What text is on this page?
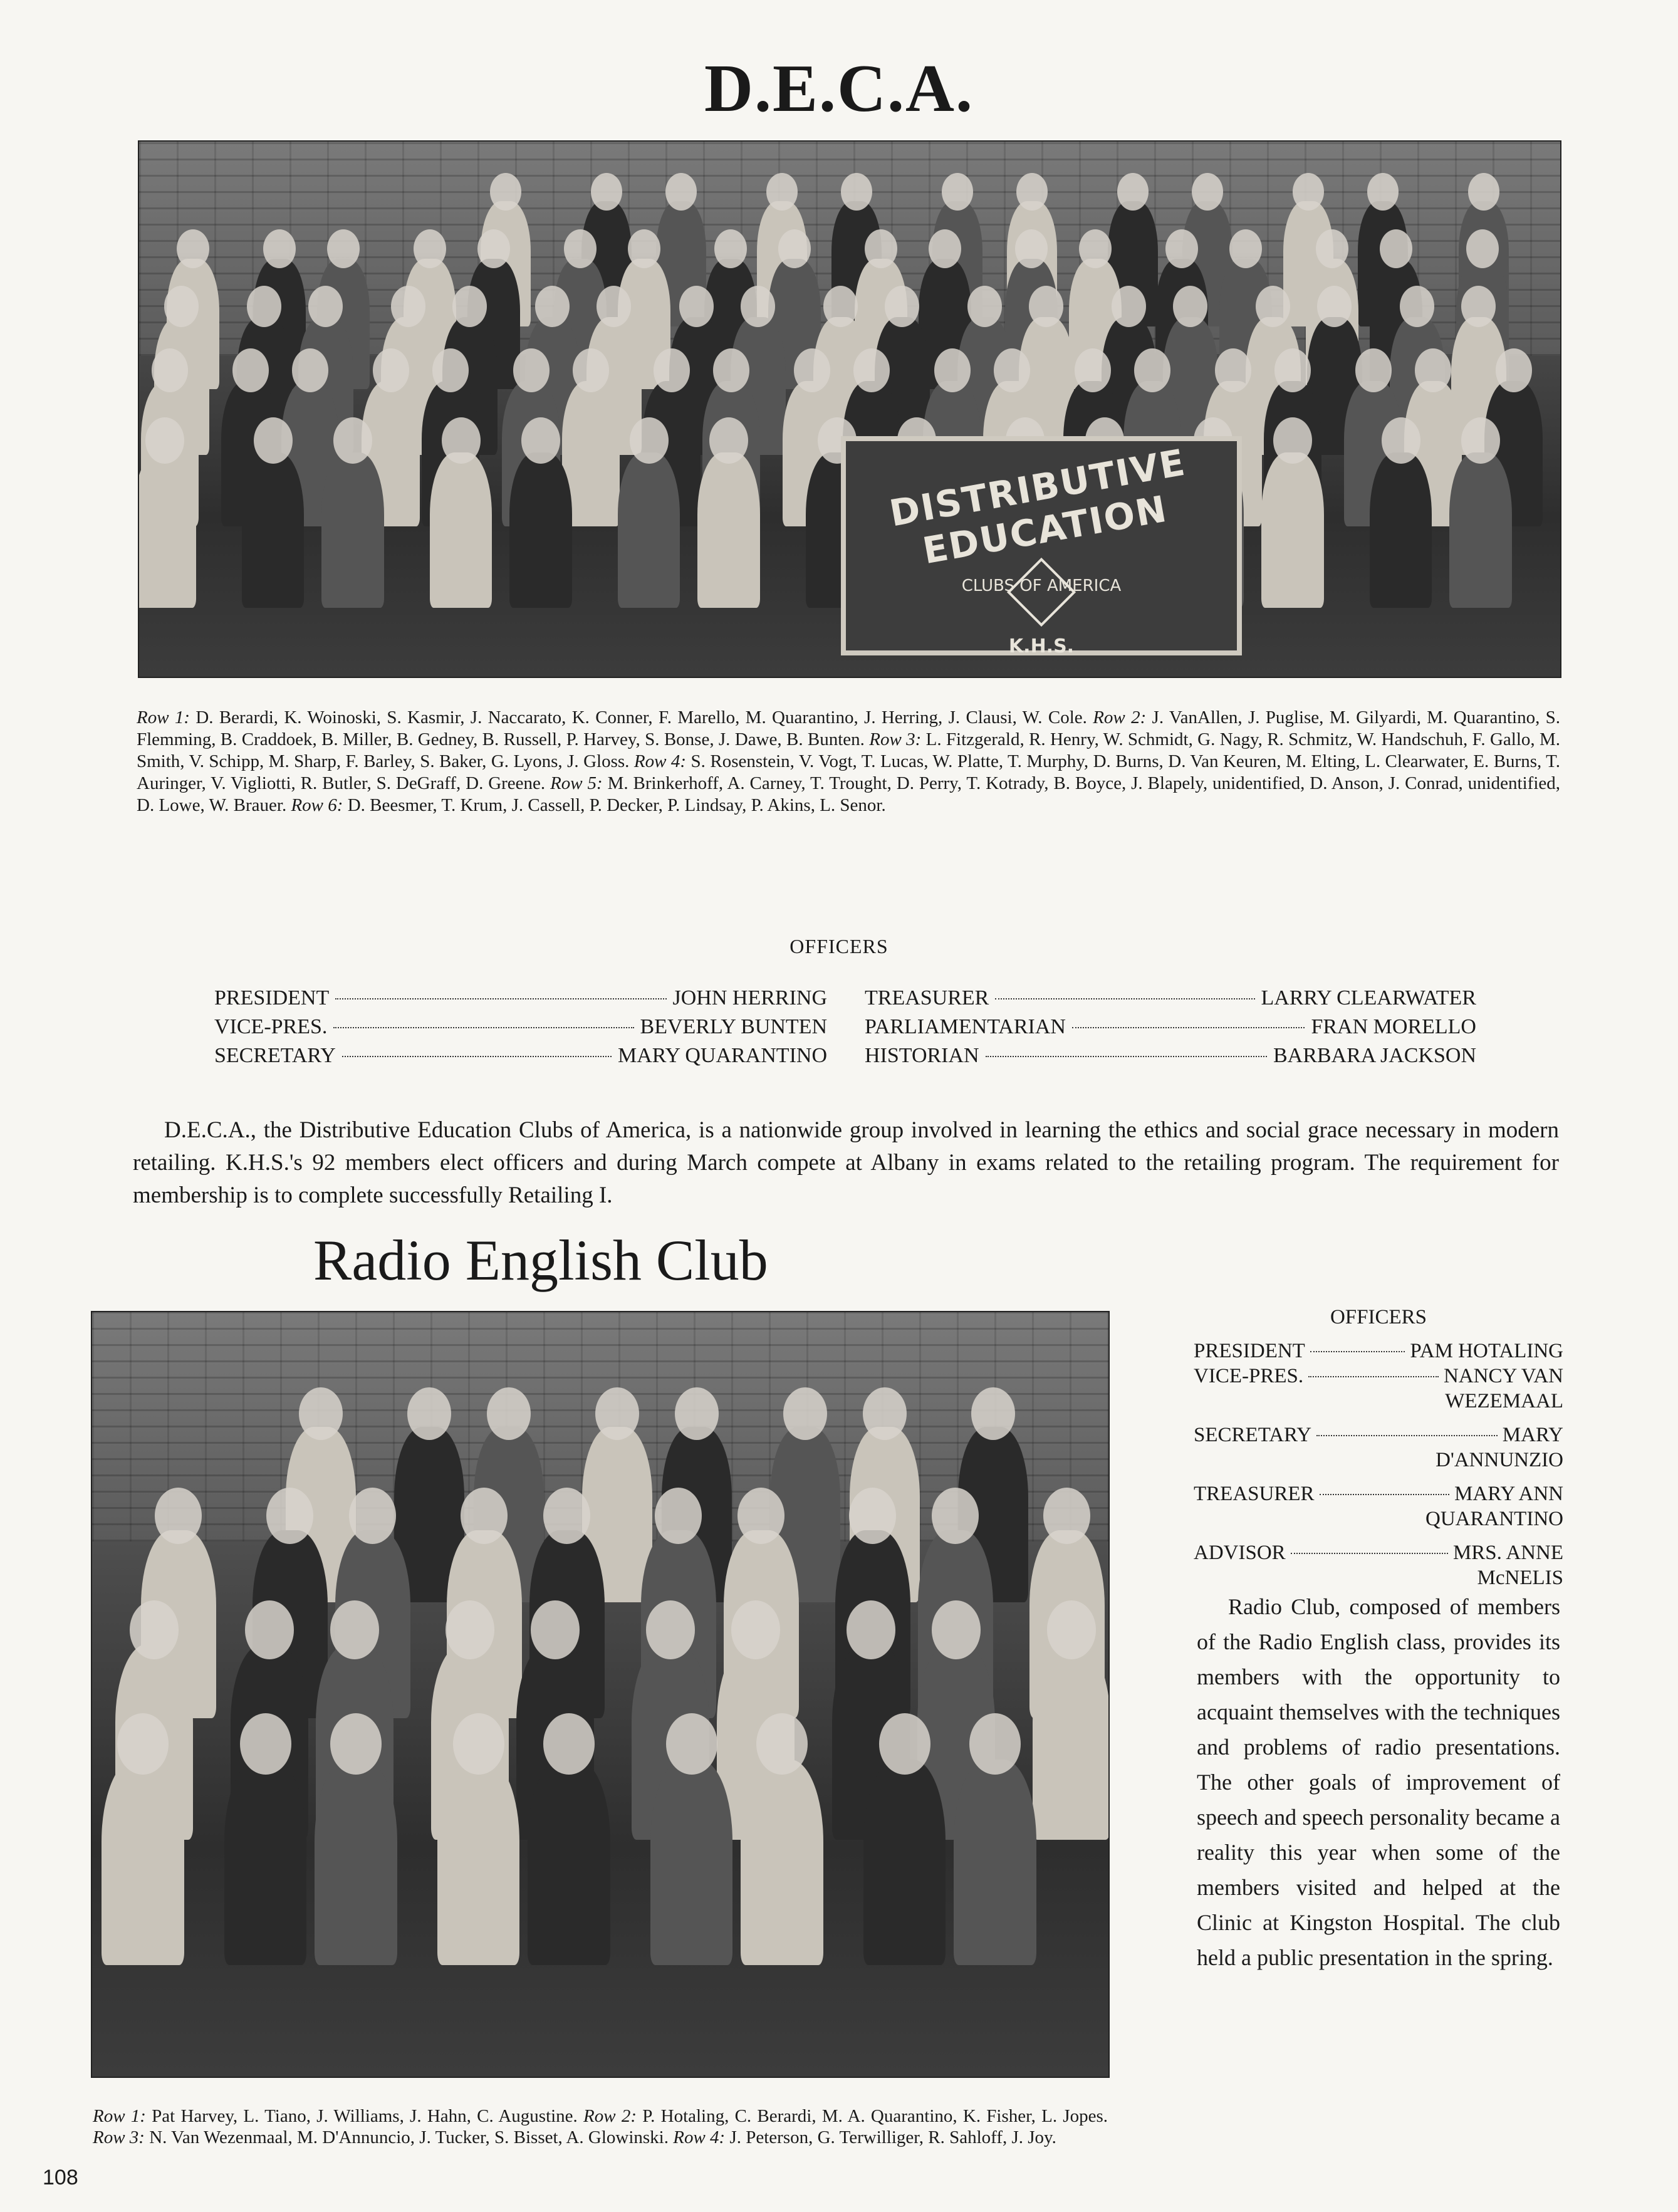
D.E.C.A.
DISTRIBUTIVE EDUCATION
CLUBS OF AMERICA
K.H.S.
Row 1: D. Berardi, K. Woinoski, S. Kasmir, J. Naccarato, K. Conner, F. Marello, M. Quarantino, J. Herring, J. Clausi, W. Cole. Row 2: J. VanAllen, J. Puglise, M. Gilyardi, M. Quarantino, S. Flemming, B. Craddoek, B. Miller, B. Gedney, B. Russell, P. Harvey, S. Bonse, J. Dawe, B. Bunten. Row 3: L. Fitzgerald, R. Henry, W. Schmidt, G. Nagy, R. Schmitz, W. Handschuh, F. Gallo, M. Smith, V. Schipp, M. Sharp, F. Barley, S. Baker, G. Lyons, J. Gloss. Row 4: S. Rosenstein, V. Vogt, T. Lucas, W. Platte, T. Murphy, D. Burns, D. Van Keuren, M. Elting, L. Clearwater, E. Burns, T. Auringer, V. Vigliotti, R. Butler, S. DeGraff, D. Greene. Row 5: M. Brinkerhoff, A. Carney, T. Trought, D. Perry, T. Kotrady, B. Boyce, J. Blapely, unidentified, D. Anson, J. Conrad, unidentified, D. Lowe, W. Brauer. Row 6: D. Beesmer, T. Krum, J. Cassell, P. Decker, P. Lindsay, P. Akins, L. Senor.
OFFICERS
PRESIDENT	JOHN HERRING
VICE-PRES.	BEVERLY BUNTEN
SECRETARY	MARY QUARANTINO
TREASURER	LARRY CLEARWATER
PARLIAMENTARIAN	FRAN MORELLO
HISTORIAN	BARBARA JACKSON
D.E.C.A., the Distributive Education Clubs of America, is a nationwide group involved in learning the ethics and social grace necessary in modern retailing. K.H.S.'s 92 members elect officers and during March compete at Albany in exams related to the retailing program. The requirement for membership is to complete successfully Retailing I.
Radio English Club
OFFICERS
PRESIDENT	PAM HOTALING
VICE-PRES.	NANCY VAN
WEZEMAAL
SECRETARY	MARY
D'ANNUNZIO
TREASURER	MARY ANN
QUARANTINO
ADVISOR	MRS. ANNE
McNELIS
Radio Club, composed of members of the Radio English class, provides its members with the opportunity to acquaint themselves with the techniques and problems of radio presentations. The other goals of improvement of speech and speech personality became a reality this year when some of the members visited and helped at the Clinic at Kingston Hospital. The club held a public presentation in the spring.
Row 1: Pat Harvey, L. Tiano, J. Williams, J. Hahn, C. Augustine. Row 2: P. Hotaling, C. Berardi, M. A. Quarantino, K. Fisher, L. Jopes. Row 3: N. Van Wezenmaal, M. D'Annuncio, J. Tucker, S. Bisset, A. Glowinski. Row 4: J. Peterson, G. Terwilliger, R. Sahloff, J. Joy.
108
